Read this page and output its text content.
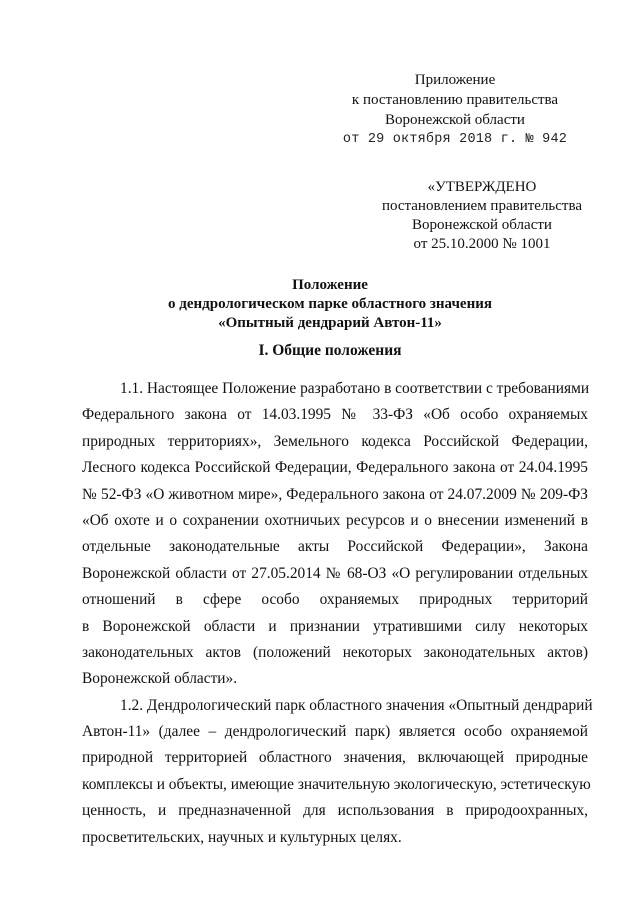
Приложение
к постановлению правительства
Воронежской области
от 29 октября 2018 г. № 942
«УТВЕРЖДЕНО
постановлением правительства
Воронежской области
от 25.10.2000 № 1001
Положение
о дендрологическом парке областного значения
«Опытный дендрарий Автон-11»
I. Общие положения
1.1. Настоящее Положение разработано в соответствии с требованиями
Федерального закона от 14.03.1995 № 33-ФЗ «Об особо охраняемых
природных территориях», Земельного кодекса Российской Федерации,
Лесного кодекса Российской Федерации, Федерального закона от 24.04.1995
№ 52-ФЗ «О животном мире», Федерального закона от 24.07.2009 № 209-ФЗ
«Об охоте и о сохранении охотничьих ресурсов и о внесении изменений в
отдельные законодательные акты Российской Федерации», Закона
Воронежской области от 27.05.2014 № 68-ОЗ «О регулировании отдельных
отношений в сфере особо охраняемых природных территорий
в Воронежской области и признании утратившими силу некоторых
законодательных актов (положений некоторых законодательных актов)
Воронежской области».
1.2. Дендрологический парк областного значения «Опытный дендрарий
Автон-11» (далее – дендрологический парк) является особо охраняемой
природной территорией областного значения, включающей природные
комплексы и объекты, имеющие значительную экологическую, эстетическую
ценность, и предназначенной для использования в природоохранных,
просветительских, научных и культурных целях.
